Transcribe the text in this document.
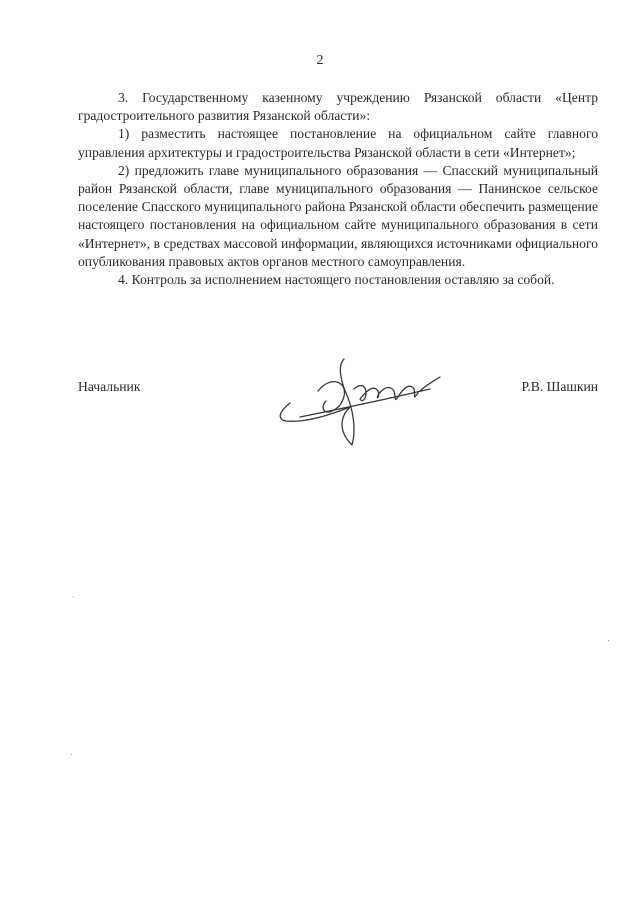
2

3. Государственному казенному учреждению Рязанской области «Центр градостроительного развития Рязанской области»:

1) разместить настоящее постановление на официальном сайте главного управления архитектуры и градостроительства Рязанской области в сети «Интернет»;

2) предложить главе муниципального образования — Спасский муниципальный район Рязанской области, главе муниципального образования — Панинское сельское поселение Спасского муниципального района Рязанской области обеспечить размещение настоящего постановления на официальном сайте муниципального образования в сети «Интернет», в средствах массовой информации, являющихся источниками официального опубликования правовых актов органов местного самоуправления.

4. Контроль за исполнением настоящего постановления оставляю за собой.

Начальник	Р.В. Шашкин
